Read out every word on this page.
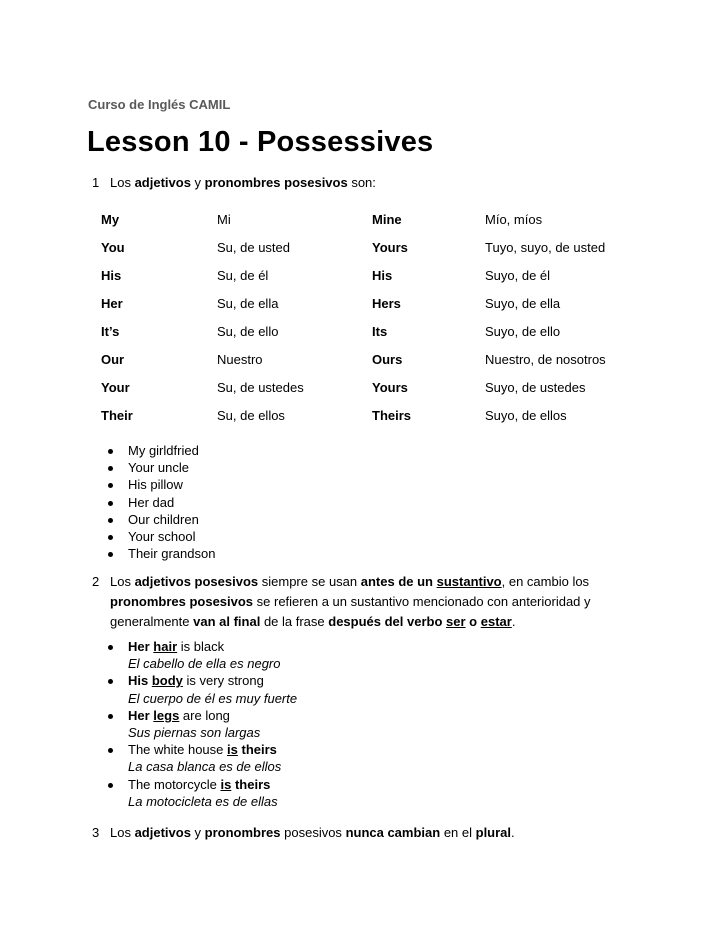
Curso de Inglés CAMIL
Lesson 10 - Possessives
1 Los adjetivos y pronombres posesivos son:
My	Mi	Mine	Mío, míos
You	Su, de usted	Yours	Tuyo, suyo, de usted
His	Su, de él	His	Suyo, de él
Her	Su, de ella	Hers	Suyo, de ella
It’s	Su, de ello	Its	Suyo, de ello
Our	Nuestro	Ours	Nuestro, de nosotros
Your	Su, de ustedes	Yours	Suyo, de ustedes
Their	Su, de ellos	Theirs	Suyo, de ellos
My girldfried
Your uncle
His pillow
Her dad
Our children
Your school
Their grandson
2 Los adjetivos posesivos siempre se usan antes de un sustantivo, en cambio los pronombres posesivos se refieren a un sustantivo mencionado con anterioridad y generalmente van al final de la frase después del verbo ser o estar.
Her hair is black
El cabello de ella es negro
His body is very strong
El cuerpo de él es muy fuerte
Her legs are long
Sus piernas son largas
The white house is theirs
La casa blanca es de ellos
The motorcycle is theirs
La motocicleta es de ellas
3 Los adjetivos y pronombres posesivos nunca cambian en el plural.
